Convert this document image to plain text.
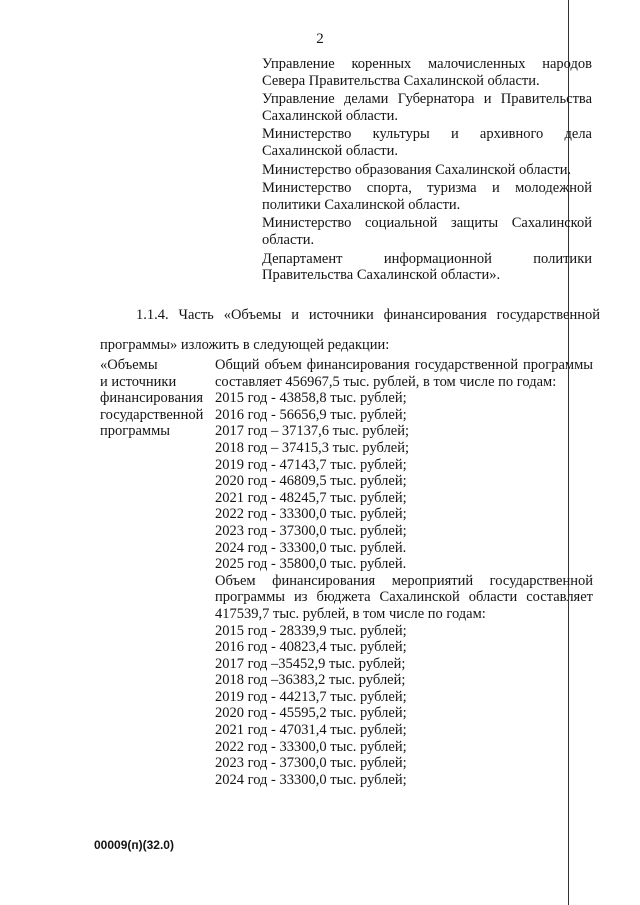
2

Управление коренных малочисленных народов Севера Правительства Сахалинской области.

Управление делами Губернатора и Правительства Сахалинской области.

Министерство культуры и архивного дела Сахалинской области.

Министерство образования Сахалинской области.

Министерство спорта, туризма и молодежной политики Сахалинской области.

Министерство социальной защиты Сахалинской области.

Департамент информационной политики Правительства Сахалинской области».

1.1.4. Часть «Объемы и источники финансирования государственной программы» изложить в следующей редакции:
«Объемы
и источники
финансирования
государственной
программы

Общий объем финансирования государственной программы составляет 456967,5 тыс. рублей, в том числе по годам:

2015 год - 43858,8 тыс. рублей;
2016 год - 56656,9 тыс. рублей;
2017 год – 37137,6 тыс. рублей;
2018 год – 37415,3 тыс. рублей;
2019 год - 47143,7 тыс. рублей;
2020 год - 46809,5 тыс. рублей;
2021 год - 48245,7 тыс. рублей;
2022 год - 33300,0 тыс. рублей;
2023 год - 37300,0 тыс. рублей;
2024 год - 33300,0 тыс. рублей.
2025 год - 35800,0 тыс. рублей.

Объем финансирования мероприятий государственной программы из бюджета Сахалинской области составляет 417539,7 тыс. рублей, в том числе по годам:

2015 год - 28339,9 тыс. рублей;
2016 год - 40823,4 тыс. рублей;
2017 год –35452,9 тыс. рублей;
2018 год –36383,2 тыс. рублей;
2019 год - 44213,7 тыс. рублей;
2020 год - 45595,2 тыс. рублей;
2021 год - 47031,4 тыс. рублей;
2022 год - 33300,0 тыс. рублей;
2023 год - 37300,0 тыс. рублей;
2024 год - 33300,0 тыс. рублей;
00009(п)(32.0)
